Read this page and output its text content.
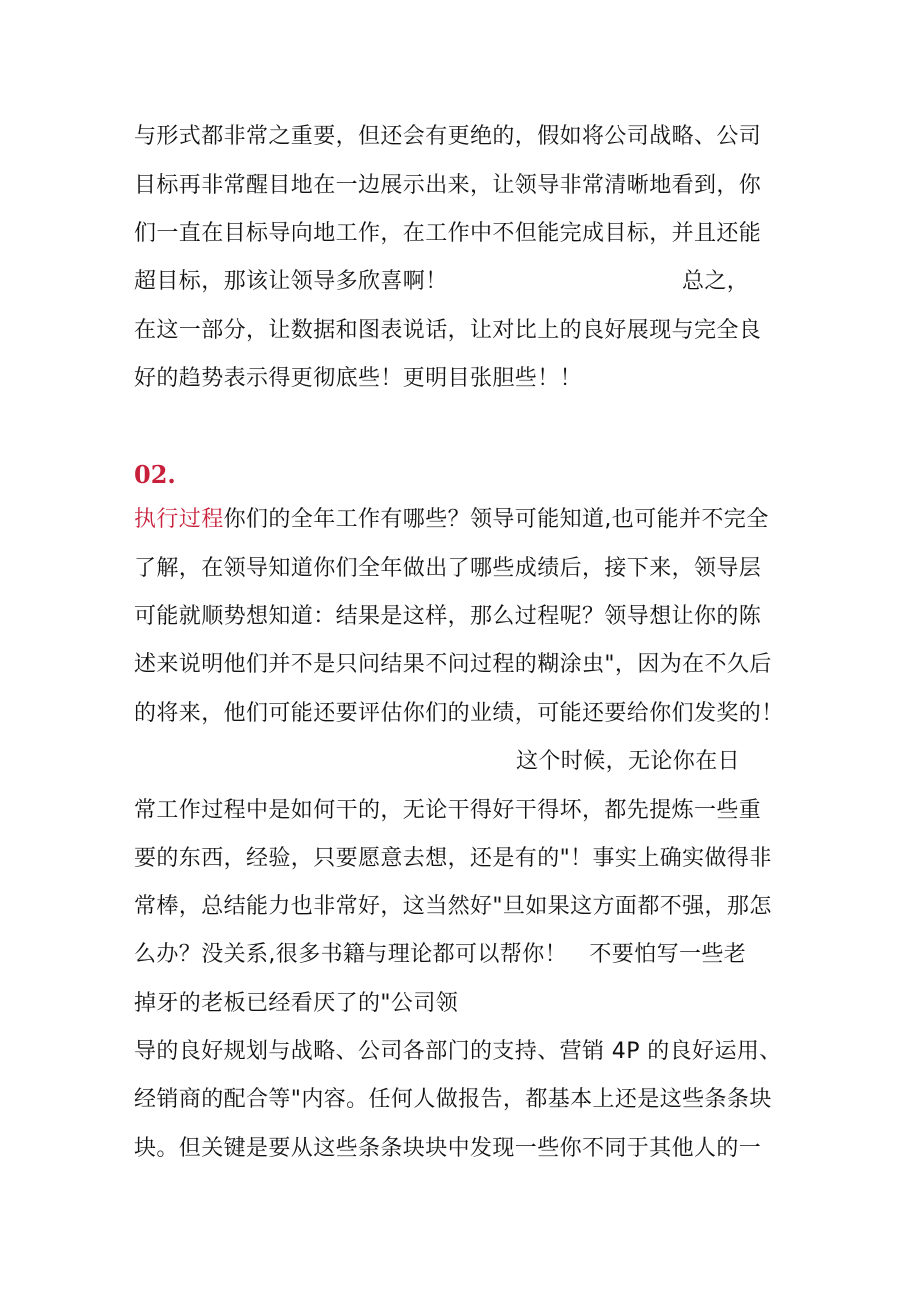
与形式都非常之重要，但还会有更绝的，假如将公司战略、公司
目标再非常醒目地在一边展示出来，让领导非常清晰地看到，你
们一直在目标导向地工作，在工作中不但能完成目标，并且还能
超目标，那该让领导多欣喜啊！	总之，
在这一部分，让数据和图表说话，让对比上的良好展现与完全良
好的趋势表示得更彻底些！更明目张胆些！！
02.
执行过程你们的全年工作有哪些？领导可能知道,也可能并不完全
了解，在领导知道你们全年做出了哪些成绩后，接下来，领导层
可能就顺势想知道：结果是这样，那么过程呢？领导想让你的陈
述来说明他们并不是只问结果不问过程的糊涂虫"，因为在不久后
的将来，他们可能还要评估你们的业绩，可能还要给你们发奖的！
这个时候，无论你在日
常工作过程中是如何干的，无论干得好干得坏，都先提炼一些重
要的东西，经验，只要愿意去想，还是有的"！事实上确实做得非
常棒，总结能力也非常好，这当然好"旦如果这方面都不强，那怎
么办？没关系,很多书籍与理论都可以帮你！　不要怕写一些老
掉牙的老板已经看厌了的"公司领
导的良好规划与战略、公司各部门的支持、营销 4P 的良好运用、
经销商的配合等"内容。任何人做报告，都基本上还是这些条条块
块。但关键是要从这些条条块块中发现一些你不同于其他人的一
